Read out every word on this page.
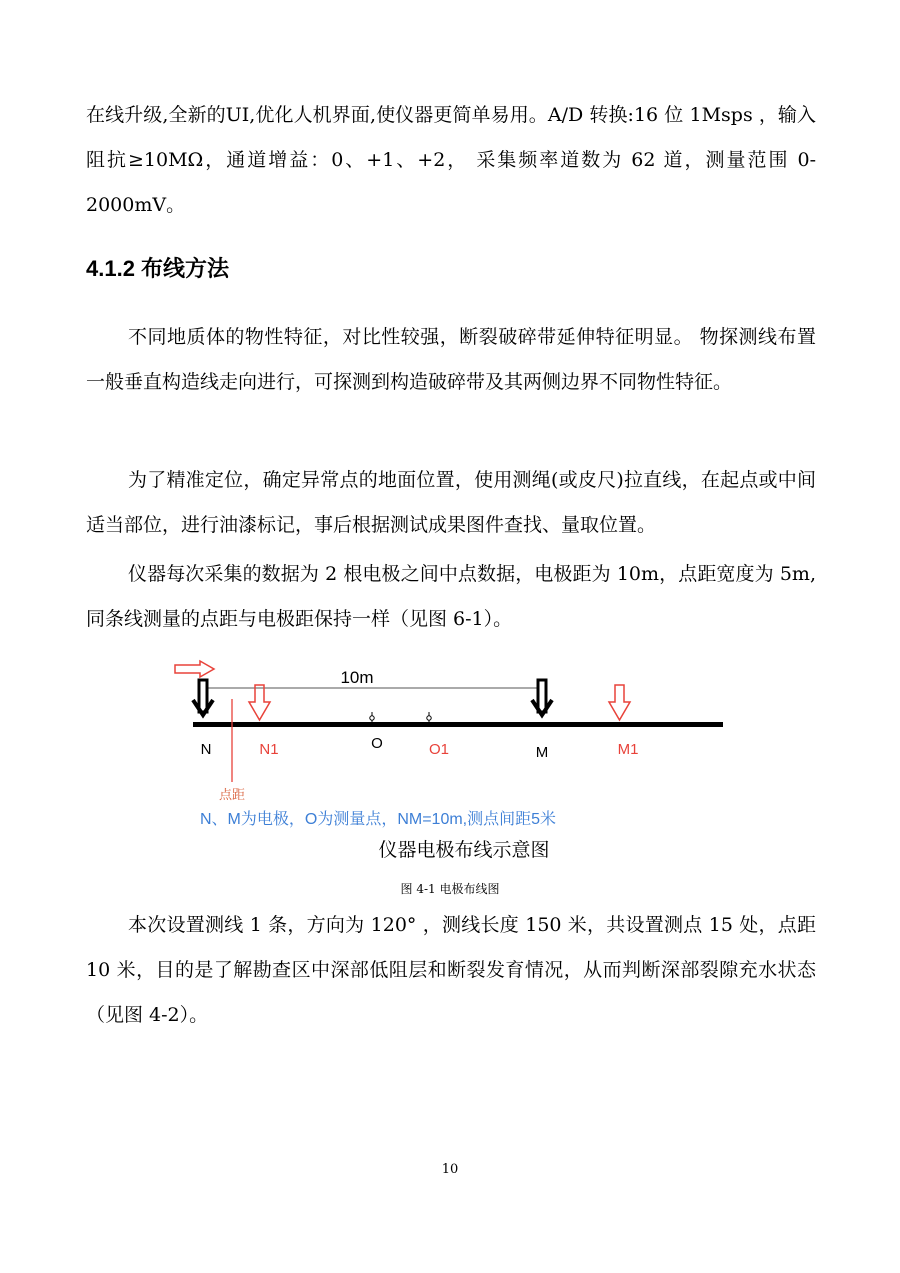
在线升级,全新的UI,优化人机界面,使仪器更简单易用。A/D 转换:16 位 1Msps ，输入阻抗≥10MΩ，通道增益：0、+1、+2， 采集频率道数为 62 道，测量范围 0-2000mV。

4.1.2 布线方法

不同地质体的物性特征，对比性较强，断裂破碎带延伸特征明显。 物探测线布置一般垂直构造线走向进行，可探测到构造破碎带及其两侧边界不同物性特征。

为了精准定位，确定异常点的地面位置，使用测绳(或皮尺)拉直线，在起点或中间适当部位，进行油漆标记，事后根据测试成果图件查找、量取位置。

仪器每次采集的数据为 2 根电极之间中点数据，电极距为 10m，点距宽度为 5m,同条线测量的点距与电极距保持一样（见图 6-1）。

10m
N	N1	O	O1	M	M1
点距
N、M为电极，O为测量点，NM=10m,测点间距5米
仪器电极布线示意图
图 4-1 电极布线图

本次设置测线 1 条，方向为 120° ，测线长度 150 米，共设置测点 15 处，点距 10 米，目的是了解勘查区中深部低阻层和断裂发育情况，从而判断深部裂隙充水状态（见图 4-2）。

10
